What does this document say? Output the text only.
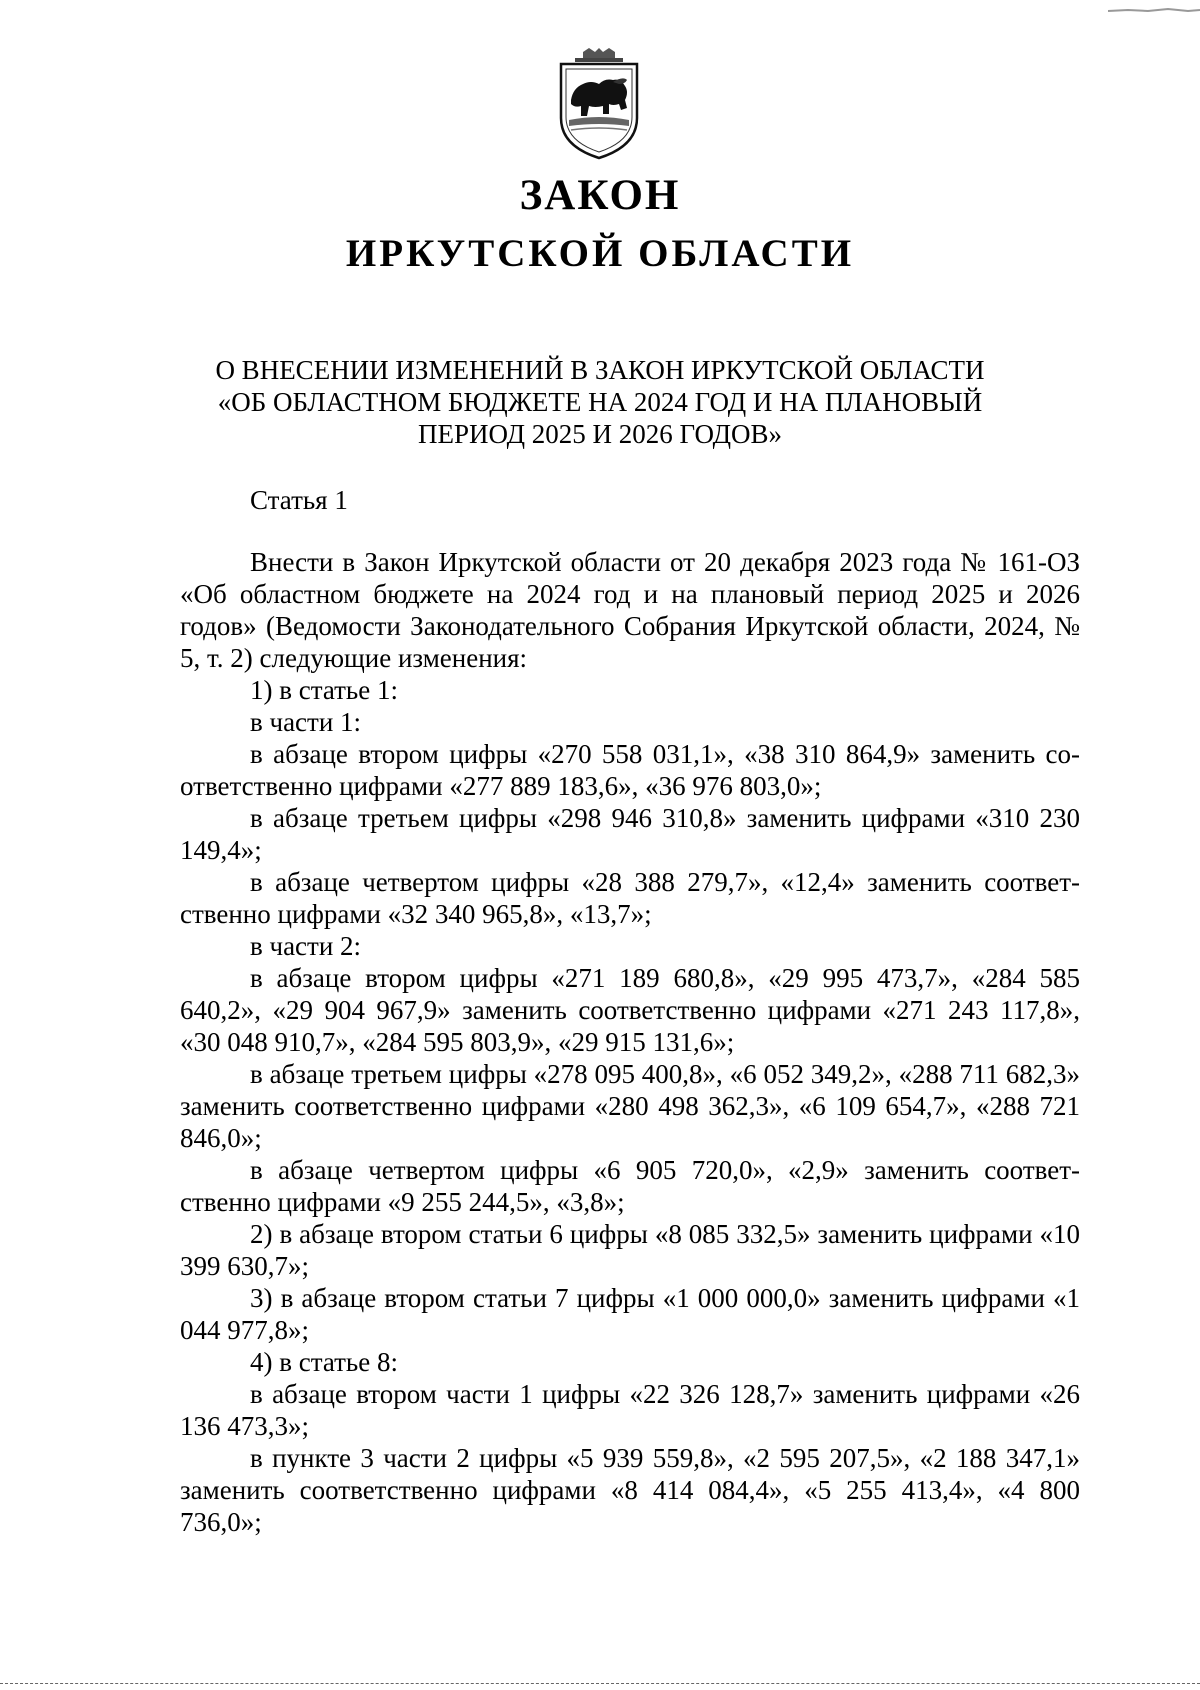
ЗАКОН
ИРКУТСКОЙ ОБЛАСТИ
О ВНЕСЕНИИ ИЗМЕНЕНИЙ В ЗАКОН ИРКУТСКОЙ ОБЛАСТИ
«ОБ ОБЛАСТНОМ БЮДЖЕТЕ НА 2024 ГОД И НА ПЛАНОВЫЙ
ПЕРИОД 2025 И 2026 ГОДОВ»
Статья 1

Внести в Закон Иркутской области от 20 декабря 2023 года № 161-ОЗ «Об областном бюджете на 2024 год и на плановый период 2025 и 2026 годов» (Ведомости Законодательного Собрания Иркутской области, 2024, № 5, т. 2) следующие изменения:

1) в статье 1:

в части 1:

в абзаце втором цифры «270 558 031,1», «38 310 864,9» заменить соответственно цифрами «277 889 183,6», «36 976 803,0»;

в абзаце третьем цифры «298 946 310,8» заменить цифрами «310 230 149,4»;

в абзаце четвертом цифры «28 388 279,7», «12,4» заменить соответственно цифрами «32 340 965,8», «13,7»;

в части 2:

в абзаце втором цифры «271 189 680,8», «29 995 473,7», «284 585 640,2», «29 904 967,9» заменить соответственно цифрами «271 243 117,8», «30 048 910,7», «284 595 803,9», «29 915 131,6»;

в абзаце третьем цифры «278 095 400,8», «6 052 349,2», «288 711 682,3» заменить соответственно цифрами «280 498 362,3», «6 109 654,7», «288 721 846,0»;

в абзаце четвертом цифры «6 905 720,0», «2,9» заменить соответственно цифрами «9 255 244,5», «3,8»;

2) в абзаце втором статьи 6 цифры «8 085 332,5» заменить цифрами «10 399 630,7»;

3) в абзаце втором статьи 7 цифры «1 000 000,0» заменить цифрами «1 044 977,8»;

4) в статье 8:

в абзаце втором части 1 цифры «22 326 128,7» заменить цифрами «26 136 473,3»;

в пункте 3 части 2 цифры «5 939 559,8», «2 595 207,5», «2 188 347,1» заменить соответственно цифрами «8 414 084,4», «5 255 413,4», «4 800 736,0»;
